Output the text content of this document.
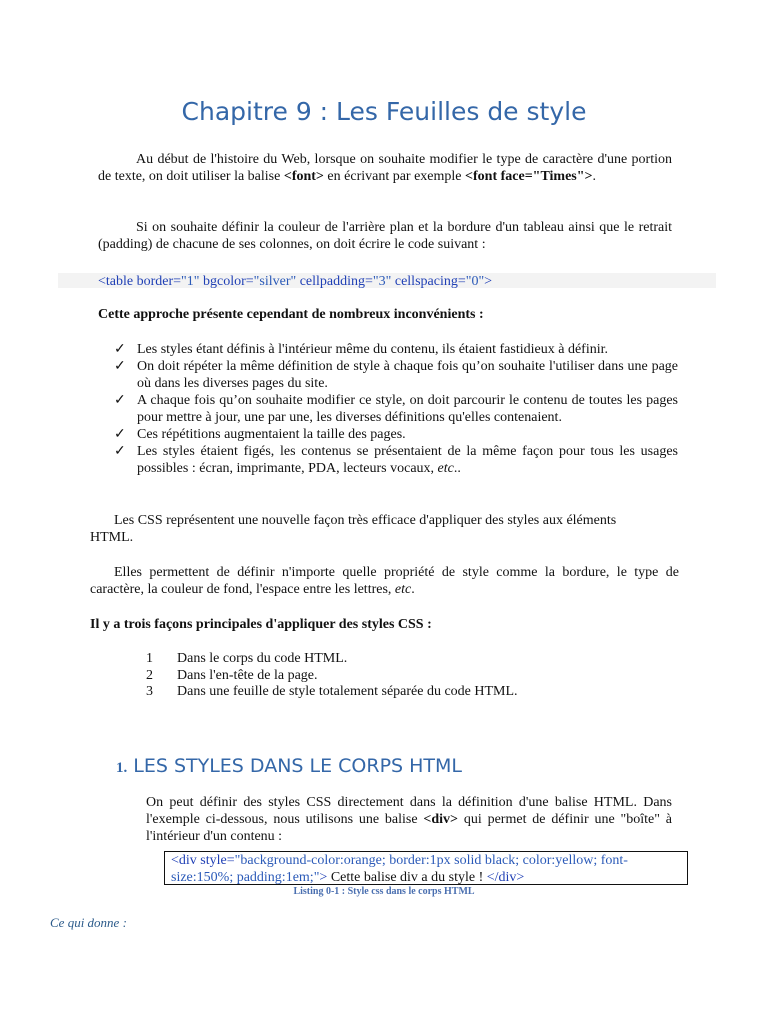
Chapitre 9 : Les Feuilles de style
Au début de l'histoire du Web, lorsque on souhaite modifier le type de caractère d'une portion de texte, on doit utiliser la balise <font> en écrivant par exemple <font face="Times">.
Si on souhaite définir la couleur de l'arrière plan et la bordure d'un tableau ainsi que le retrait (padding) de chacune de ses colonnes, on doit écrire le code suivant :
<table border="1" bgcolor="silver" cellpadding="3" cellspacing="0">
Cette approche présente cependant de nombreux inconvénients :
✓ Les styles étant définis à l'intérieur même du contenu, ils étaient fastidieux à définir.
✓ On doit répéter la même définition de style à chaque fois qu’on souhaite l'utiliser dans une page où dans les diverses pages du site.
✓ A chaque fois qu’on souhaite modifier ce style, on doit parcourir le contenu de toutes les pages pour mettre à jour, une par une, les diverses définitions qu'elles contenaient.
✓ Ces répétitions augmentaient la taille des pages.
✓ Les styles étaient figés, les contenus se présentaient de la même façon pour tous les usages possibles : écran, imprimante, PDA, lecteurs vocaux, etc..
Les CSS représentent une nouvelle façon très efficace d'appliquer des styles aux éléments HTML.
Elles permettent de définir n'importe quelle propriété de style comme la bordure, le type de caractère, la couleur de fond, l'espace entre les lettres, etc.
Il y a trois façons principales d'appliquer des styles CSS :
1 Dans le corps du code HTML.
2 Dans l'en-tête de la page.
3 Dans une feuille de style totalement séparée du code HTML.
1. LES STYLES DANS LE CORPS HTML
On peut définir des styles CSS directement dans la définition d'une balise HTML. Dans l'exemple ci-dessous, nous utilisons une balise <div> qui permet de définir une "boîte" à l'intérieur d'un contenu :
<div style="background-color:orange; border:1px solid black; color:yellow; font-size:150%; padding:1em;"> Cette balise div a du style ! </div>
Listing 0-1 : Style css dans le corps HTML
Ce qui donne :
